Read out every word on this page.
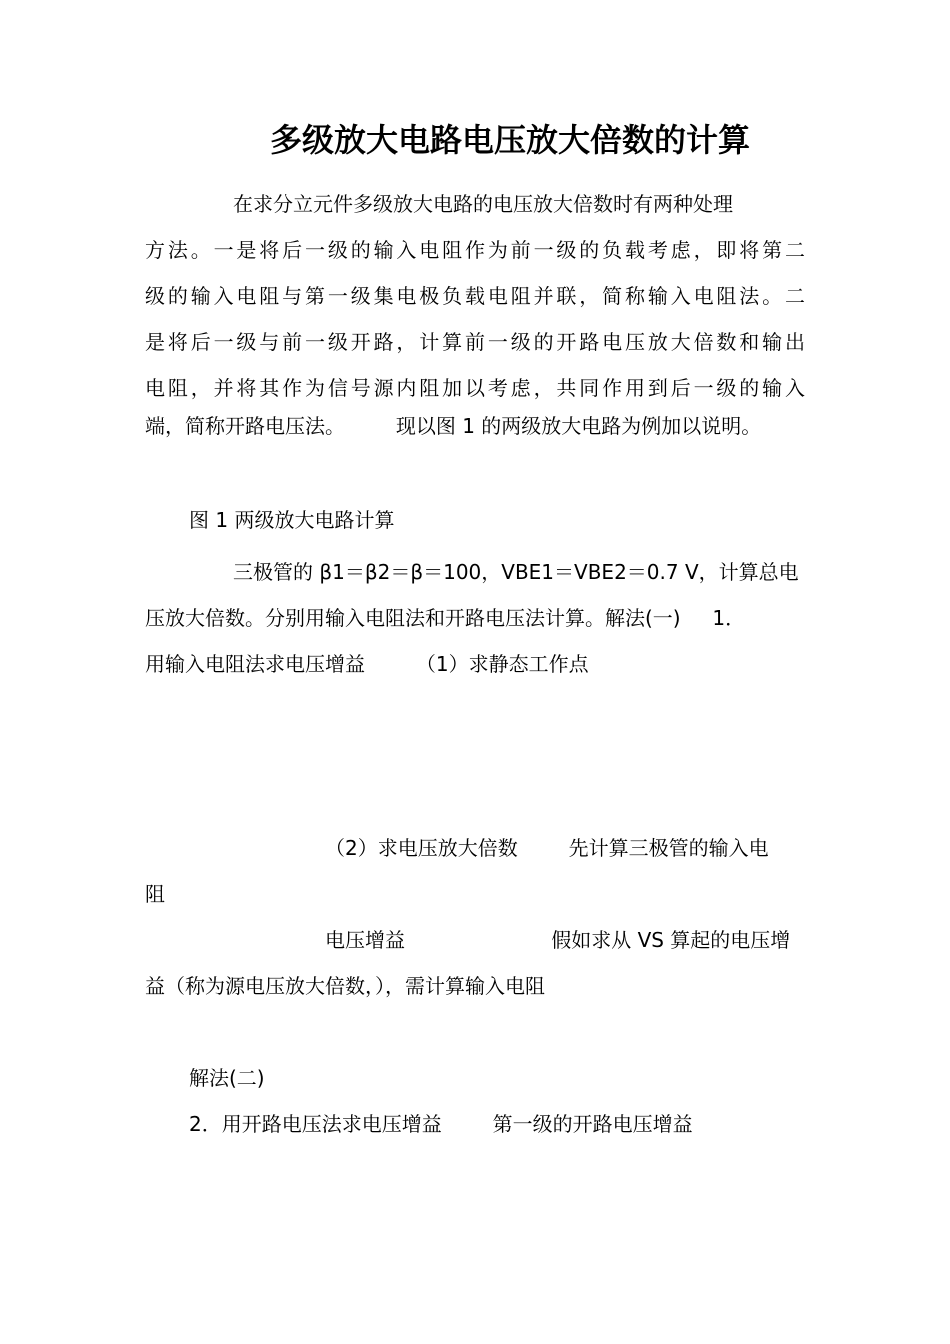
多级放大电路电压放大倍数的计算
在求分立元件多级放大电路的电压放大倍数时有两种处理
方法。一是将后一级的输入电阻作为前一级的负载考虑，即将第二
级的输入电阻与第一级集电极负载电阻并联，简称输入电阻法。二
是将后一级与前一级开路，计算前一级的开路电压放大倍数和输出
电阻，并将其作为信号源内阻加以考虑，共同作用到后一级的输入
端，简称开路电压法。        现以图 1 的两级放大电路为例加以说明。
图 1 两级放大电路计算
三极管的 β1＝β2＝β＝100，VBE1＝VBE2＝0.7 V，计算总电
压放大倍数。分别用输入电阻法和开路电压法计算。解法(一)     1．
用输入电阻法求电压增益        （1）求静态工作点
（2）求电压放大倍数        先计算三极管的输入电
阻
电压增益                       假如求从 VS 算起的电压增
益（称为源电压放大倍数，），需计算输入电阻
解法(二)
2．用开路电压法求电压增益        第一级的开路电压增益
